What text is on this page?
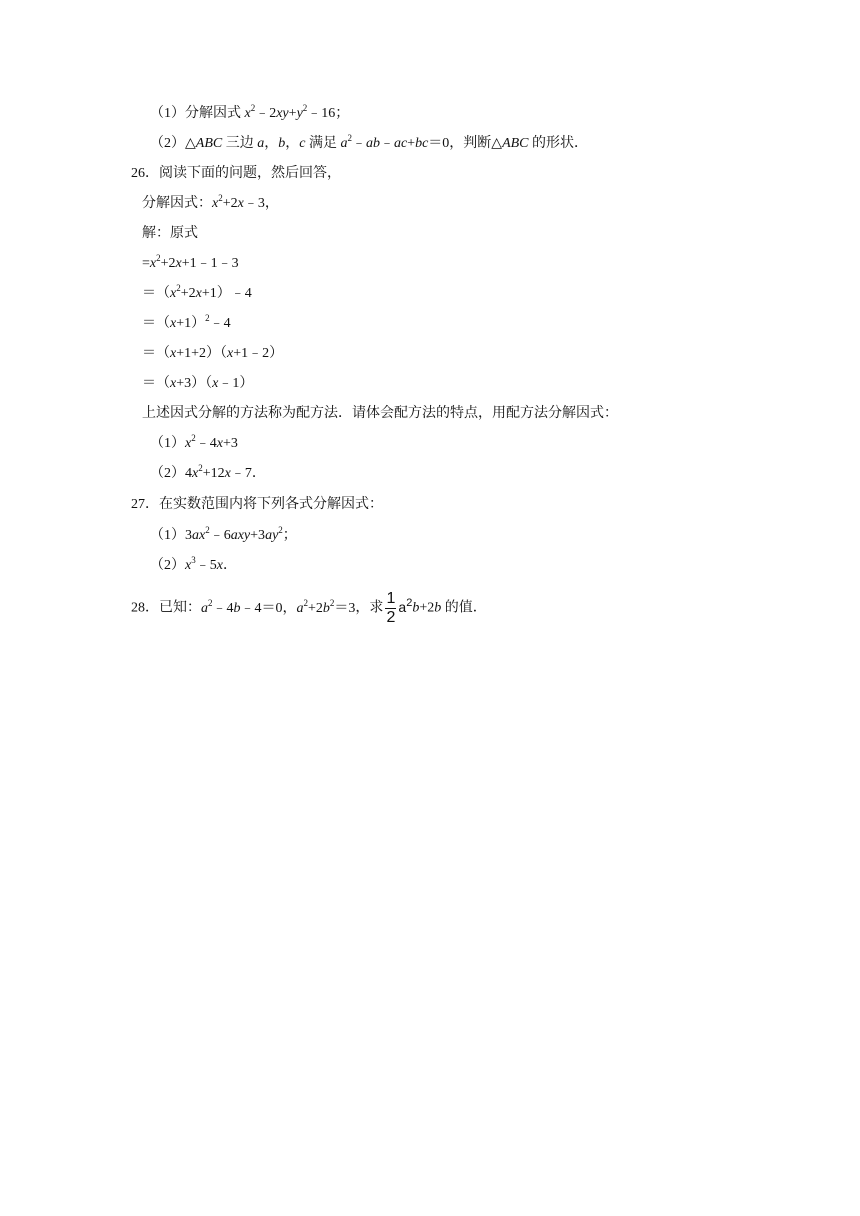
（1）分解因式 $x^2﹣2xy+y^2﹣16$；
（2）△ABC 三边 a，b，c 满足 $a^2﹣ab﹣ac+bc=0$，判断△ABC 的形状．
26．阅读下面的问题，然后回答，
分解因式：$x^2+2x﹣3$，
解：原式
$=x^2+2x+1﹣1﹣3$
$=(x^2+2x+1)﹣4$
$=(x+1)^2﹣4$
＝（x+1+2）（x+1﹣2）
＝（x+3）（x﹣1）
上述因式分解的方法称为配方法．请体会配方法的特点，用配方法分解因式：
$(1)x^2﹣4x+3$
$(2)4x^2+12x﹣7$．
27．在实数范围内将下列各式分解因式：
$(1)3ax^2﹣6axy+3ay^2$；
$(2)x^3﹣5x$．
28．已知：$a^2﹣4b﹣4=0$，$a^2+2b^2=3$，求 $\frac{1}{2} a^2b+2b$ 的值．
